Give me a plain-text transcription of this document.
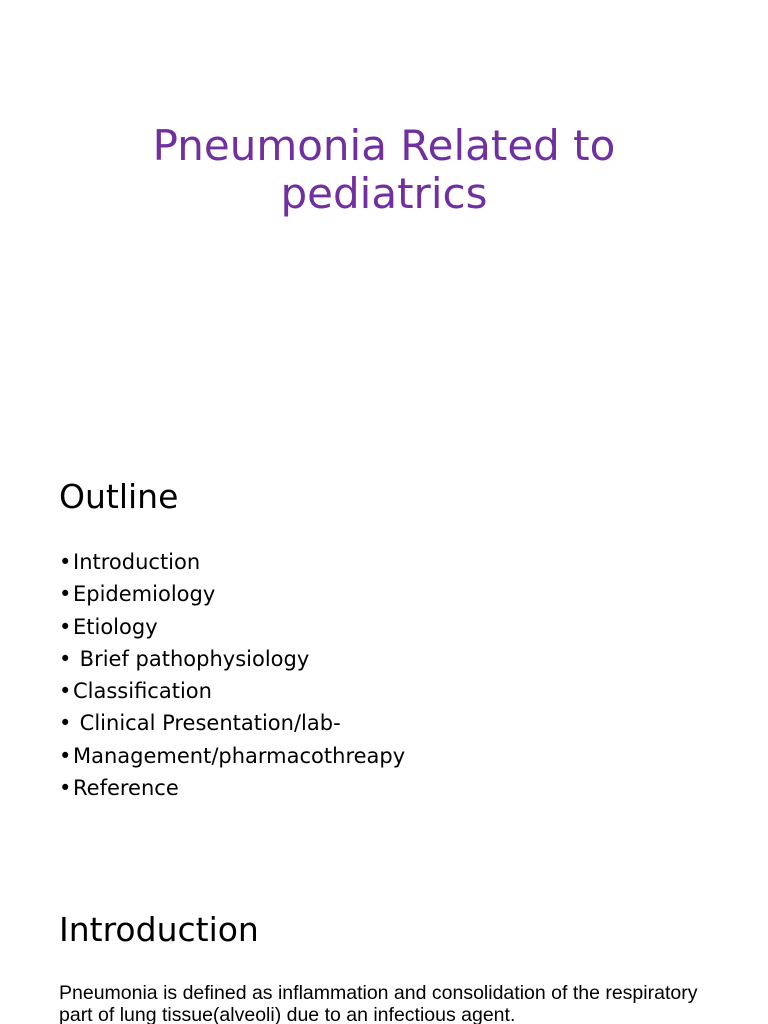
Pneumonia Related to
pediatrics
Outline
•Introduction
•Epidemiology
•Etiology
• Brief pathophysiology
•Classification
• Clinical Presentation/lab-
•Management/pharmacothreapy
•Reference
Introduction

Pneumonia is defined as inflammation and consolidation of the respiratory part of lung tissue(alveoli) due to an infectious agent.
